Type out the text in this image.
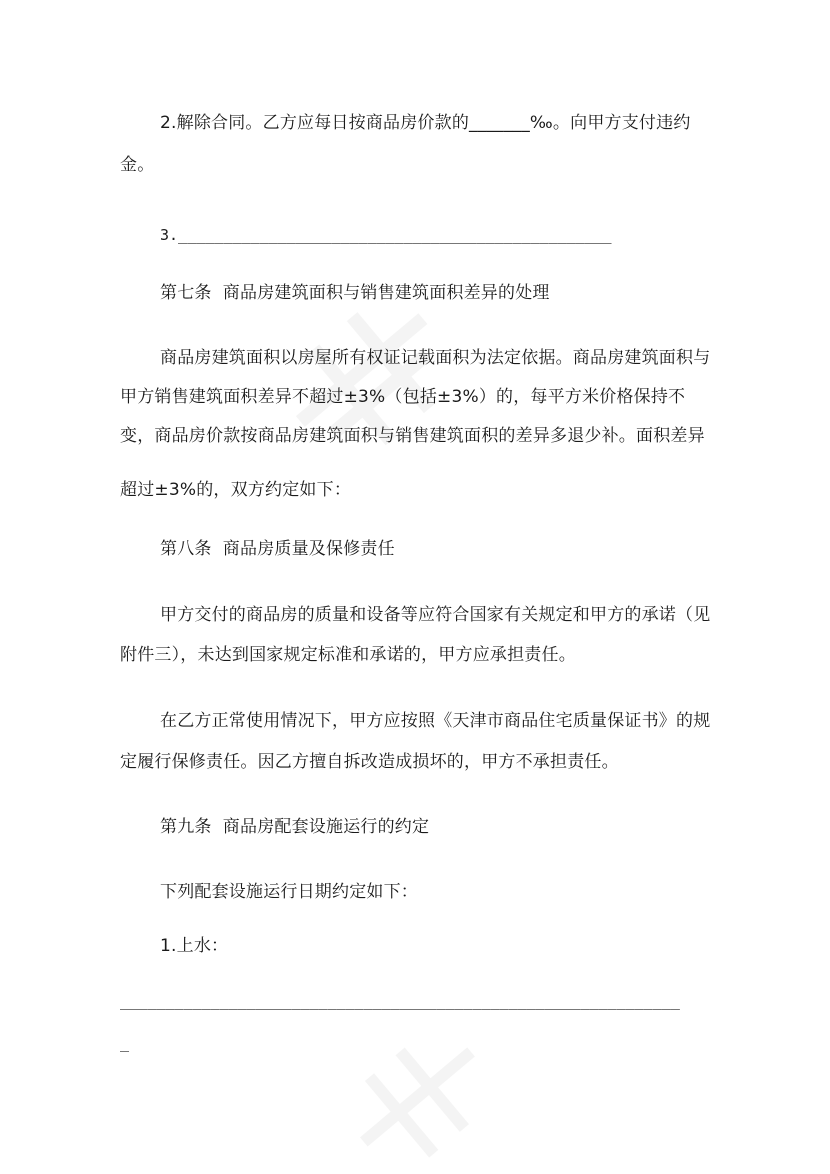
2.解除合同。乙方应每日按商品房价款的_______‰。向甲方支付违约
金。
3.________________________________________________
第七条  商品房建筑面积与销售建筑面积差异的处理
商品房建筑面积以房屋所有权证记载面积为法定依据。商品房建筑面积与
甲方销售建筑面积差异不超过±3%（包括±3%）的，每平方米价格保持不
变，商品房价款按商品房建筑面积与销售建筑面积的差异多退少补。面积差异
超过±3%的，双方约定如下：
第八条  商品房质量及保修责任
甲方交付的商品房的质量和设备等应符合国家有关规定和甲方的承诺（见
附件三），未达到国家规定标准和承诺的，甲方应承担责任。
在乙方正常使用情况下，甲方应按照《天津市商品住宅质量保证书》的规
定履行保修责任。因乙方擅自拆改造成损坏的，甲方不承担责任。
第九条  商品房配套设施运行的约定
下列配套设施运行日期约定如下：
1.上水：
______________________________________________________________
_
